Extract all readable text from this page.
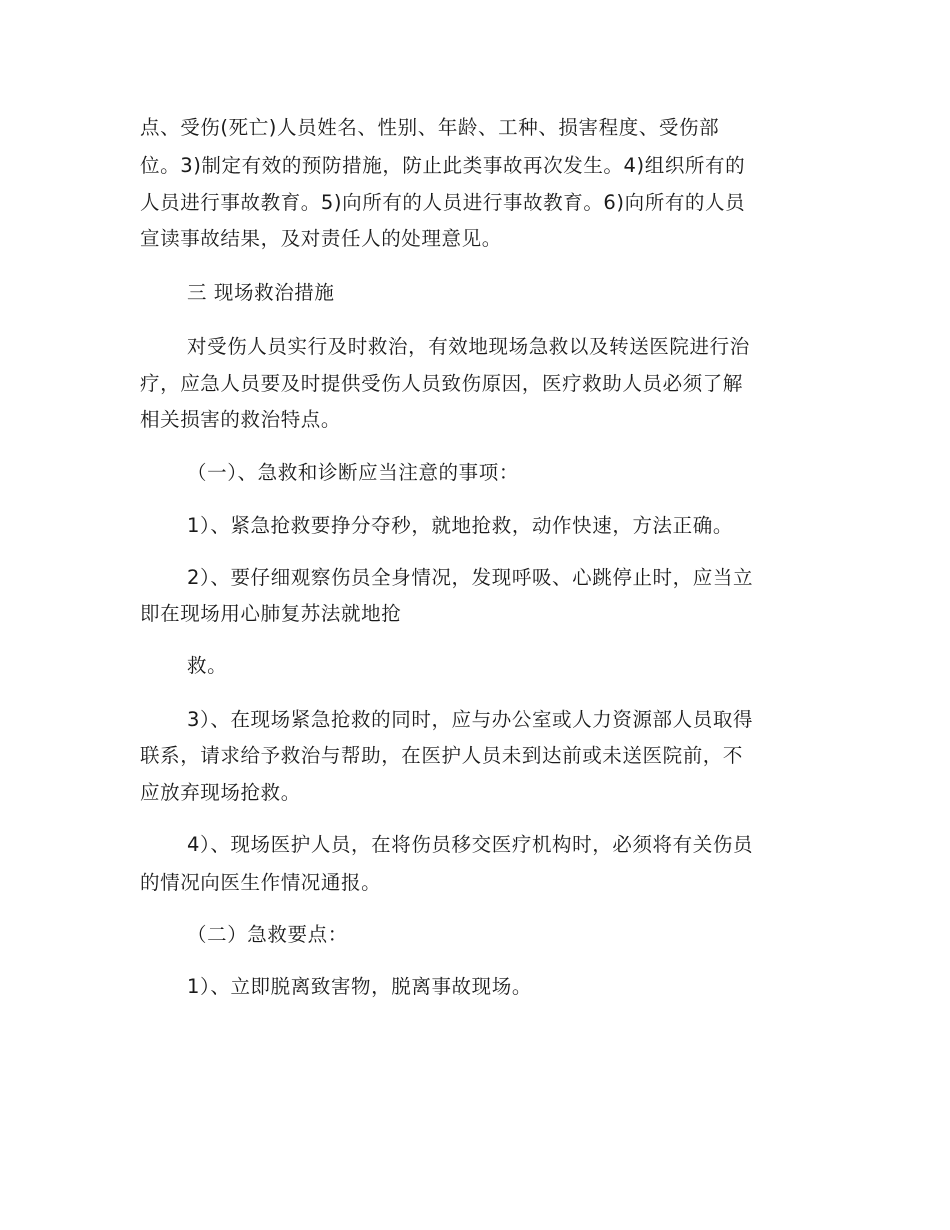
点、受伤(死亡)人员姓名、性别、年龄、工种、损害程度、受伤部
位。3)制定有效的预防措施，防止此类事故再次发生。4)组织所有的
人员进行事故教育。5)向所有的人员进行事故教育。6)向所有的人员
宣读事故结果，及对责任人的处理意见。
三 现场救治措施
对受伤人员实行及时救治，有效地现场急救以及转送医院进行治
疗，应急人员要及时提供受伤人员致伤原因，医疗救助人员必须了解
相关损害的救治特点。
（一）、急救和诊断应当注意的事项：
1）、紧急抢救要挣分夺秒，就地抢救，动作快速，方法正确。
2）、要仔细观察伤员全身情况，发现呼吸、心跳停止时，应当立
即在现场用心肺复苏法就地抢
救。
3）、在现场紧急抢救的同时，应与办公室或人力资源部人员取得
联系，请求给予救治与帮助，在医护人员未到达前或未送医院前，不
应放弃现场抢救。
4）、现场医护人员，在将伤员移交医疗机构时，必须将有关伤员
的情况向医生作情况通报。
（二）急救要点：
1）、立即脱离致害物，脱离事故现场。
